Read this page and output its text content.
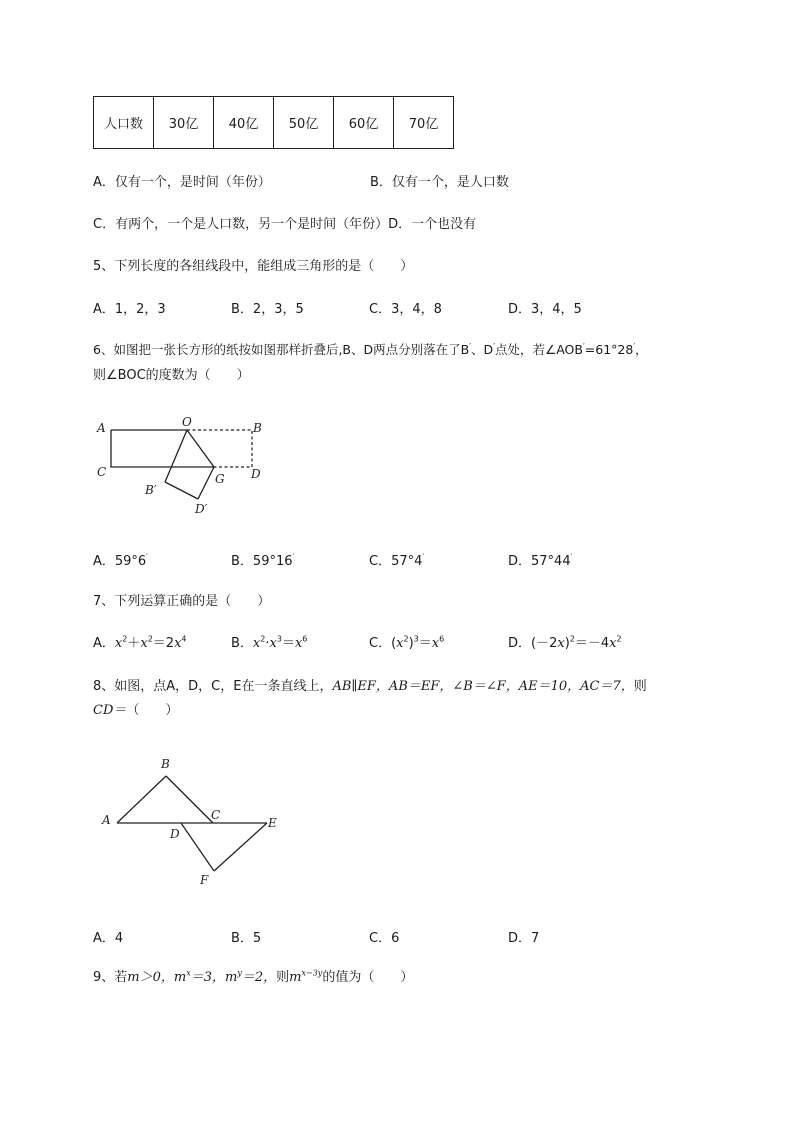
人口数	30亿	40亿	50亿	60亿	70亿
A．仅有一个，是时间（年份）	B．仅有一个，是人口数
C．有两个，一个是人口数，另一个是时间（年份）D．一个也没有
5、下列长度的各组线段中，能组成三角形的是（　　）
A．1，2，3	B．2，3，5	C．3，4，8	D．3，4，5
6、如图把一张长方形的纸按如图那样折叠后,B、D两点分别落在了B′、D′点处，若∠AOB′=61°28′，
则∠BOC的度数为（　　）
A	O	B
C	G D
B′
D′
A．59°6′	B．59°16′	C．57°4′	D．57°44′
7、下列运算正确的是（　　）
A．$x^2+x^2=2x^4$	B．$x^2\cdot x^3=x^6$	C．$(x^2)^3=x^6$	D．$(-2x)^2=-4x^2$
8、如图，点A，D，C，E在一条直线上，AB∥EF，AB＝EF，∠B＝∠F，AE＝10，AC＝7，则
CD＝（　　）
A
B
C
D
E
F
A．4	B．5	C．6	D．7
9、若m＞0，$m^x=3$，$m^y=2$，则$m^{x-3y}$的值为（　　）
